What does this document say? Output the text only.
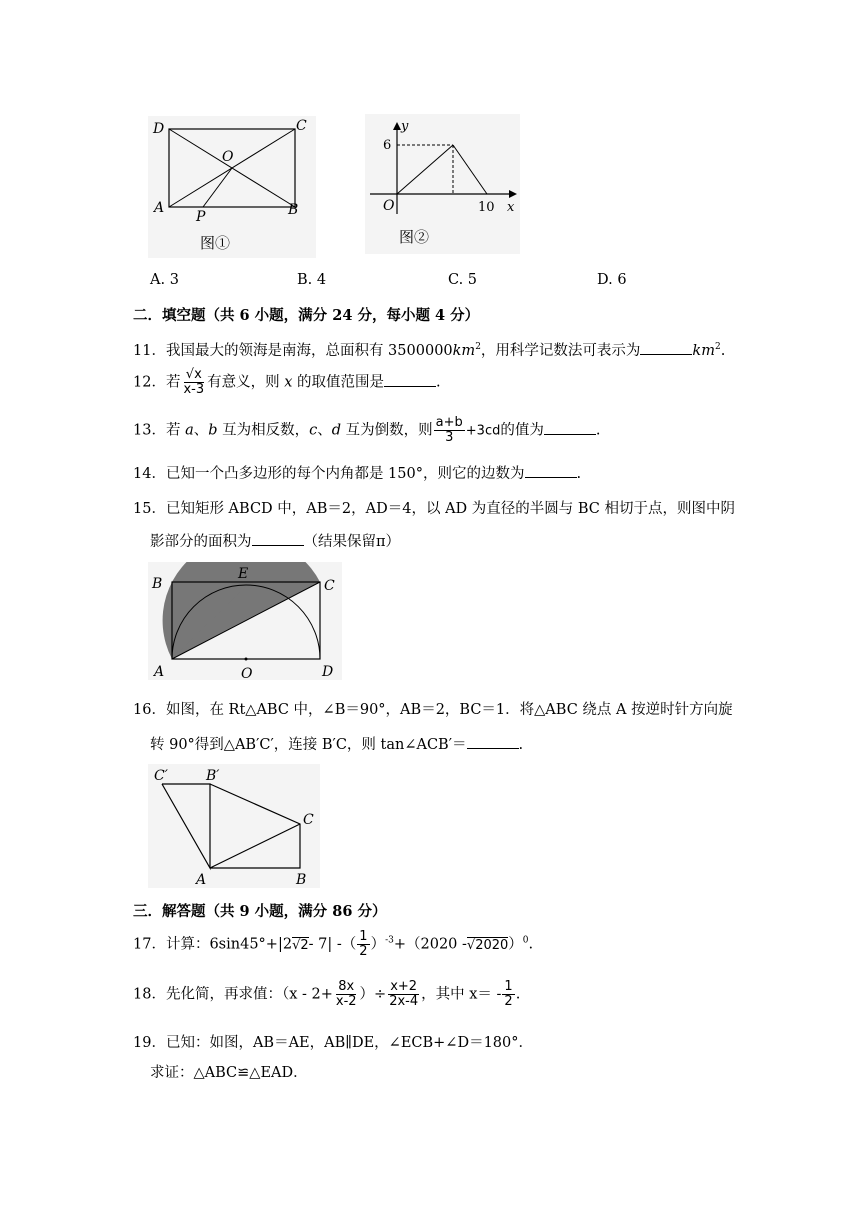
D	C
O
A
P	B
图①
y
x
O
6
10
图②
A. 3	B. 4	C. 5	D. 6
二．填空题（共 6 小题，满分 24 分，每小题 4 分）
11．我国最大的领海是南海，总面积有 $3500000km^2$，用科学记数法可表示为	$km^2$.
12．若 $\frac{√x}{x-3}$ 有意义，则 x 的取值范围是	.
13．若 a、b 互为相反数，c、d 互为倒数，则 $\frac{a+b}{3} +3cd$的值为	.
14．已知一个凸多边形的每个内角都是 150°，则它的边数为	.
15．已知矩形 ABCD 中，AB＝2，AD＝4，以 AD 为直径的半圆与 BC 相切于点，则图中阴
影部分的面积为	（结果保留π）
B
E
C
A	O	D
16．如图，在 Rt△ABC 中，∠B＝90°，AB＝2，BC＝1．将△ABC 绕点 A 按逆时针方向旋
转 90°得到△AB′C′，连接 B′C，则 tan∠ACB′＝	.
C′	B′
C
A	B
三．解答题（共 9 小题，满分 86 分）
17．计算：6sin45°+|2√2- 7| -（ $\frac{1}{2} )^{-3}+(2020$ -√2020）$^0$.
18．先化简，再求值：（$x - 2+ \frac{8x}{x-2}$ ）÷ $\frac{x+2}{2x-4}$ ，其中 $x= - \frac{1}{2}$ .
19．已知：如图，AB＝AE，AB∥DE，∠ECB+∠D＝180°．
求证：△ABC≌△EAD．
